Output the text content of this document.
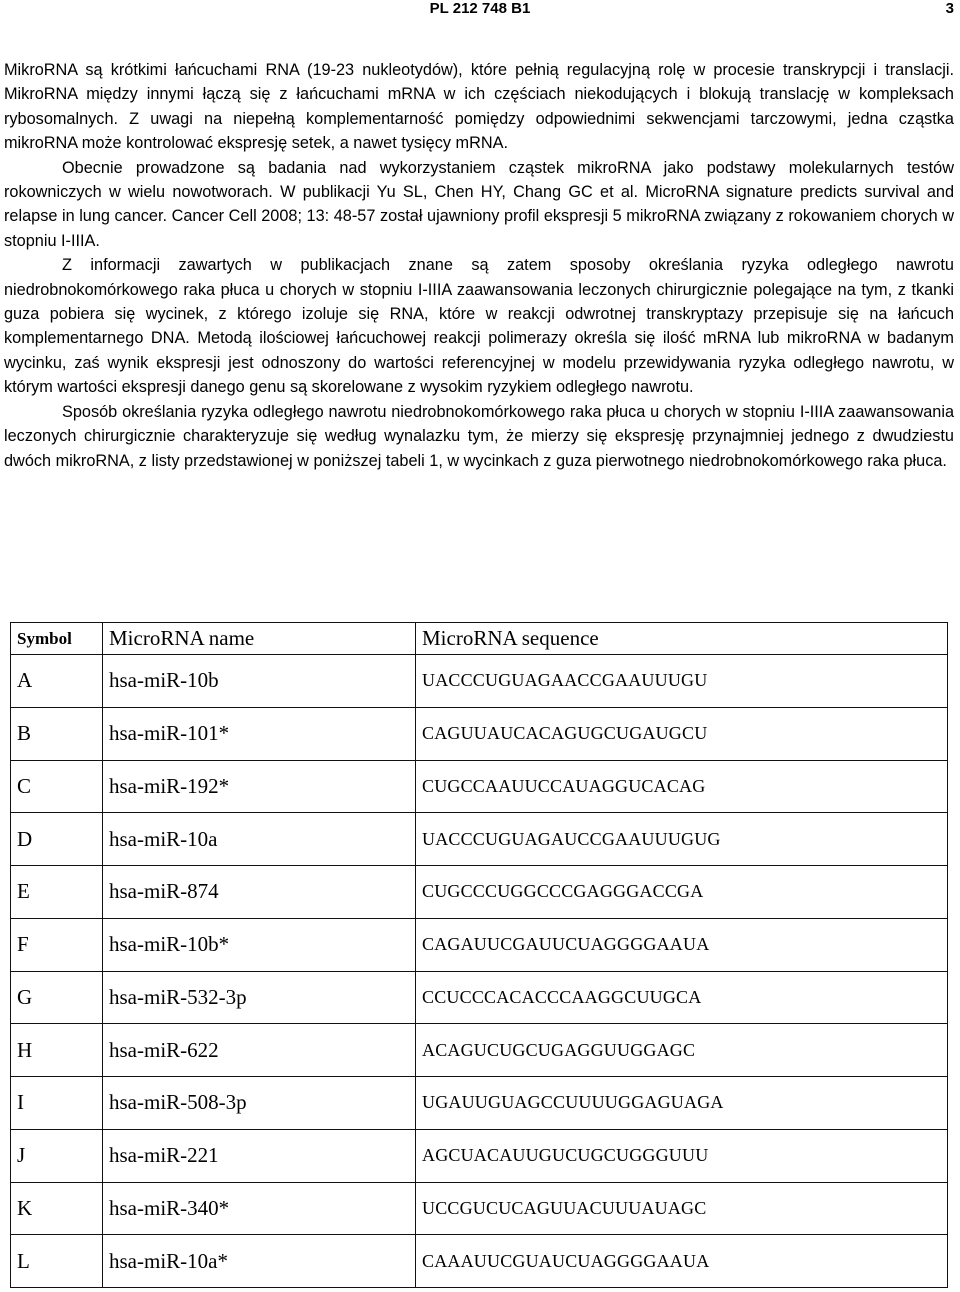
PL 212 748 B1	3

MikroRNA są krótkimi łańcuchami RNA (19-23 nukleotydów), które pełnią regulacyjną rolę w procesie transkrypcji i translacji. MikroRNA między innymi łączą się z łańcuchami mRNA w ich częściach niekodujących i blokują translację w kompleksach rybosomalnych. Z uwagi na niepełną komplementarność pomiędzy odpowiednimi sekwencjami tarczowymi, jedna cząstka mikroRNA może kontrolować ekspresję setek, a nawet tysięcy mRNA.

Obecnie prowadzone są badania nad wykorzystaniem cząstek mikroRNA jako podstawy molekularnych testów rokowniczych w wielu nowotworach. W publikacji Yu SL, Chen HY, Chang GC et al. MicroRNA signature predicts survival and relapse in lung cancer. Cancer Cell 2008; 13: 48-57 został ujawniony profil ekspresji 5 mikroRNA związany z rokowaniem chorych w stopniu I-IIIA.

Z informacji zawartych w publikacjach znane są zatem sposoby określania ryzyka odległego nawrotu niedrobnokomórkowego raka płuca u chorych w stopniu I-IIIA zaawansowania leczonych chirurgicznie polegające na tym, z tkanki guza pobiera się wycinek, z którego izoluje się RNA, które w reakcji odwrotnej transkryptazy przepisuje się na łańcuch komplementarnego DNA. Metodą ilościowej łańcuchowej reakcji polimerazy określa się ilość mRNA lub mikroRNA w badanym wycinku, zaś wynik ekspresji jest odnoszony do wartości referencyjnej w modelu przewidywania ryzyka odległego nawrotu, w którym wartości ekspresji danego genu są skorelowane z wysokim ryzykiem odległego nawrotu.

Sposób określania ryzyka odległego nawrotu niedrobnokomórkowego raka płuca u chorych w stopniu I-IIIA zaawansowania leczonych chirurgicznie charakteryzuje się według wynalazku tym, że mierzy się ekspresję przynajmniej jednego z dwudziestu dwóch mikroRNA, z listy przedstawionej w poniższej tabeli 1, w wycinkach z guza pierwotnego niedrobnokomórkowego raka płuca.

Symbol	MicroRNA name	MicroRNA sequence
A	hsa-miR-10b	UACCCUGUAGAACCGAAUUUGU
B	hsa-miR-101*	CAGUUAUCACAGUGCUGAUGCU
C	hsa-miR-192*	CUGCCAAUUCCAUAGGUCACAG
D	hsa-miR-10a	UACCCUGUAGAUCCGAAUUUGUG
E	hsa-miR-874	CUGCCCUGGCCCGAGGGACCGA
F	hsa-miR-10b*	CAGAUUCGAUUCUAGGGGAAUA
G	hsa-miR-532-3p	CCUCCCACACCCAAGGCUUGCA
H	hsa-miR-622	ACAGUCUGCUGAGGUUGGAGC
I	hsa-miR-508-3p	UGAUUGUAGCCUUUUGGAGUAGA
J	hsa-miR-221	AGCUACAUUGUCUGCUGGGUUU
K	hsa-miR-340*	UCCGUCUCAGUUACUUUAUAGC
L	hsa-miR-10a*	CAAAUUCGUAUCUAGGGGAAUA
